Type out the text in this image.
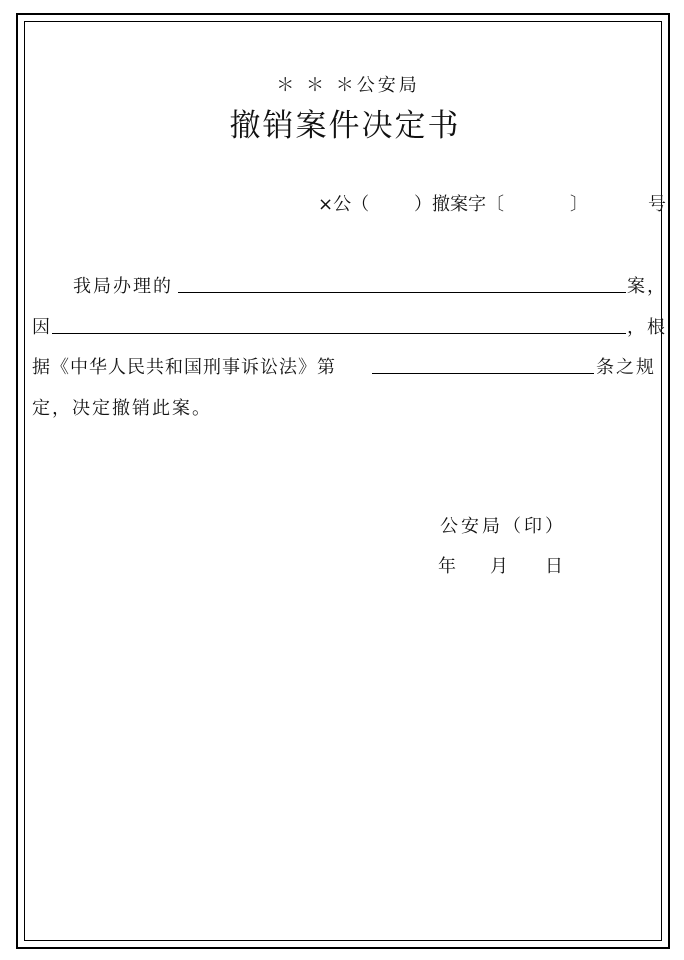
＊ ＊ ＊公安局
撤销案件决定书
×公（ ）撤案字〔	〕	号
我局办理的	案，
因	，根
据《中华人民共和国刑事诉讼法》第	条之规
定，决定撤销此案。
公安局（印）
年 月 日
